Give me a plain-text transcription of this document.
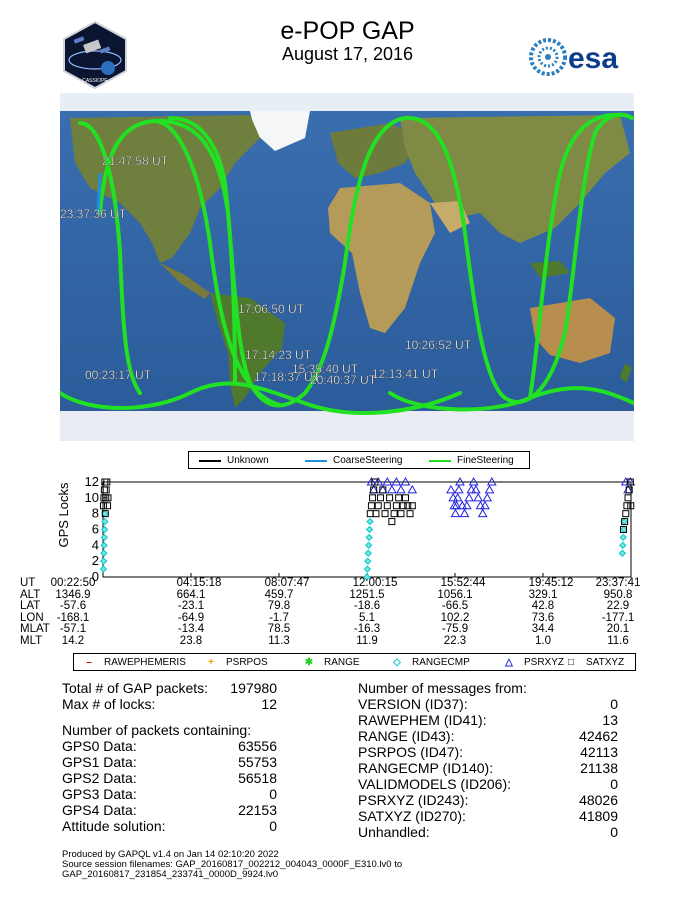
e-POP GAP
August 17, 2016
CASSIOPE
esa
21:47:58 UT
23:37:36 UT
17:06:50 UT
17:14:23 UT
17:18:37 UT
15:35:40 UT
20:40:37 UT
12:13:41 UT
10:26:52 UT
00:23:17 UT
Unknown	CoarseSteering	FineSteering
0
2
4
6
8
10
12
GPS Locks
UT	00:22:50	04:15:18	08:07:47	12:00:15	15:52:44	19:45:12	23:37:41
ALT	1346.9	664.1	459.7	1251.5	1056.1	329.1	950.8
LAT	-57.6	-23.1	79.8	-18.6	-66.5	42.8	22.9
LON	-168.1	-64.9	-1.7	5.1	102.2	73.6	-177.1
MLAT -57.1	-13.4	78.5	-16.3	-75.9	34.4	20.1
MLT	14.2	23.8	11.3	11.9	22.3	1.0	11.6
– RAWEPHEMERIS + PSRPOS	✱ RANGE	◇ RANGECMP	△ PSRXYZ □ SATXYZ
Total # of GAP packets: 197980
Max # of locks:	12
Number of packets containing:
GPS0 Data:	63556
GPS1 Data:	55753
GPS2 Data:	56518
GPS3 Data:	0
GPS4 Data:	22153
Attitude solution:	0
Number of messages from:
VERSION (ID37):	0
RAWEPHEM (ID41):	13
RANGE (ID43):	42462
PSRPOS (ID47):	42113
RANGECMP (ID140):	21138
VALIDMODELS (ID206):	0
PSRXYZ (ID243):	48026
SATXYZ (ID270):	41809
Unhandled:	0
Produced by GAPQL v1.4 on Jan 14 02:10:20 2022
Source session filenames: GAP_20160817_002212_004043_0000F_E310.lv0 to
GAP_20160817_231854_233741_0000D_9924.lv0
